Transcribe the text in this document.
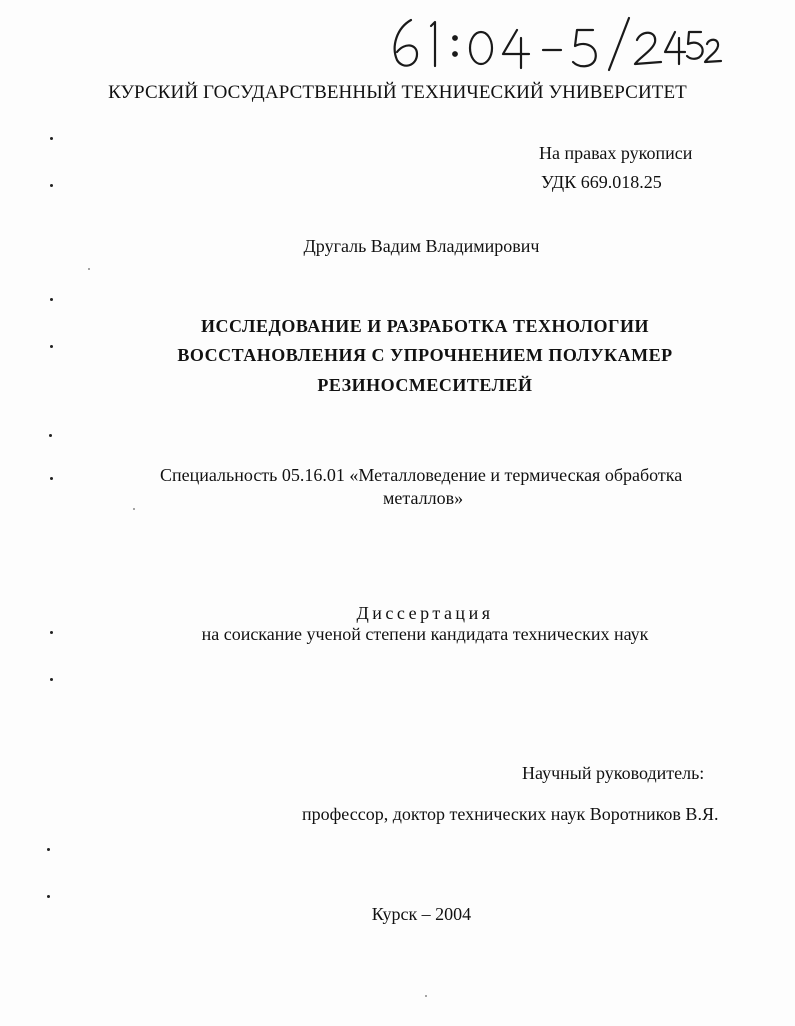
КУРСКИЙ ГОСУДАРСТВЕННЫЙ ТЕХНИЧЕСКИЙ УНИВЕРСИТЕТ
На правах рукописи
УДК 669.018.25
Другаль Вадим Владимирович
ИССЛЕДОВАНИЕ И РАЗРАБОТКА ТЕХНОЛОГИИ
ВОССТАНОВЛЕНИЯ С УПРОЧНЕНИЕМ ПОЛУКАМЕР
РЕЗИНОСМЕСИТЕЛЕЙ
Специальность 05.16.01 «Металловедение и термическая обработка
металлов»
Диссертация
на соискание ученой степени кандидата технических наук
Научный руководитель:
профессор, доктор технических наук Воротников В.Я.
Курск – 2004
